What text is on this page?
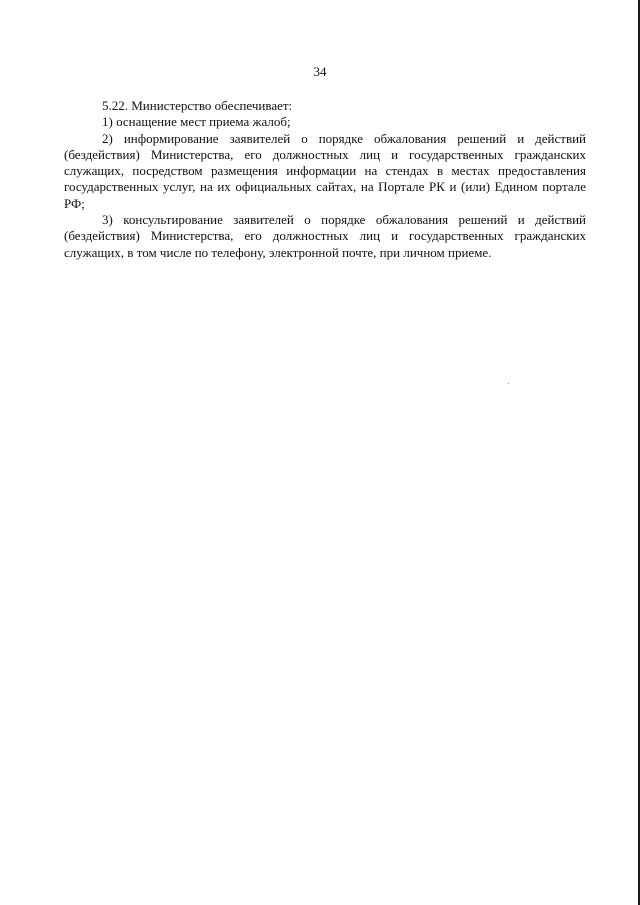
34

5.22. Министерство обеспечивает:

1) оснащение мест приема жалоб;

2) информирование заявителей о порядке обжалования решений и действий (бездействия) Министерства, его должностных лиц и государственных гражданских служащих, посредством размещения информации на стендах в местах предоставления государственных услуг, на их официальных сайтах, на Портале РК и (или) Едином портале РФ;

3) консультирование заявителей о порядке обжалования решений и действий (бездействия) Министерства, его должностных лиц и государственных гражданских служащих, в том числе по телефону, электронной почте, при личном приеме.
